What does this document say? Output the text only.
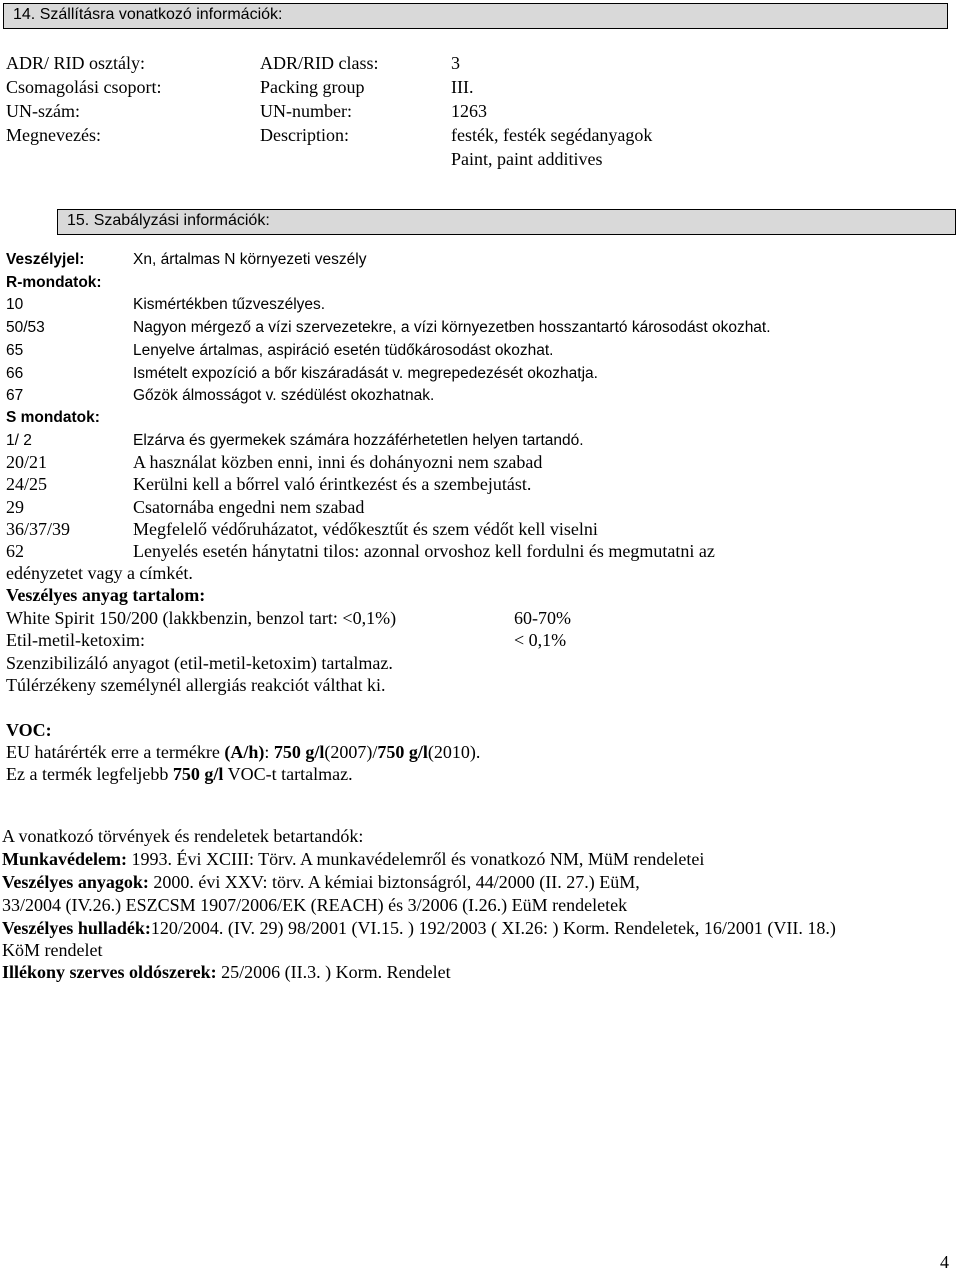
14. Szállításra vonatkozó információk:
ADR/ RID osztály:	ADR/RID class:	3
Csomagolási csoport:	Packing group	III.
UN-szám:	UN-number:	1263
Megnevezés:	Description:	festék, festék segédanyagok
Paint, paint additives
15. Szabályzási információk:
Veszélyjel:	Xn, ártalmas N környezeti veszély
R-mondatok:
10	Kismértékben tűzveszélyes.
50/53	Nagyon mérgező a vízi szervezetekre, a vízi környezetben hosszantartó károsodást okozhat.
65	Lenyelve ártalmas, aspiráció esetén tüdőkárosodást okozhat.
66	Ismételt expozíció a bőr kiszáradását v. megrepedezését okozhatja.
67	Gőzök álmosságot v. szédülést okozhatnak.
S mondatok:
1/ 2	Elzárva és gyermekek számára hozzáférhetetlen helyen tartandó.
20/21	A használat közben enni, inni és dohányozni nem szabad
24/25	Kerülni kell a bőrrel való érintkezést és a szembejutást.
29	Csatornába engedni nem szabad
36/37/39	Megfelelő védőruházatot, védőkesztűt és szem védőt kell viselni
62	Lenyelés esetén hánytatni tilos: azonnal orvoshoz kell fordulni és megmutatni az
edényzetet vagy a címkét.
Veszélyes anyag tartalom:
White Spirit 150/200 (lakkbenzin, benzol tart: <0,1%)	60-70%
Etil-metil-ketoxim:	< 0,1%
Szenzibilizáló anyagot (etil-metil-ketoxim) tartalmaz.
Túlérzékeny személynél allergiás reakciót válthat ki.
VOC:
EU határérték erre a termékre (A/h): 750 g/l(2007)/750 g/l(2010).
Ez a termék legfeljebb 750 g/l VOC-t tartalmaz.
A vonatkozó törvények és rendeletek betartandók:
Munkavédelem: 1993. Évi XCIII: Törv. A munkavédelemről és vonatkozó NM, MüM rendeletei
Veszélyes anyagok: 2000. évi XXV: törv. A kémiai biztonságról, 44/2000 (II. 27.) EüM,
33/2004 (IV.26.) ESZCSM 1907/2006/EK (REACH) és 3/2006 (I.26.) EüM rendeletek
Veszélyes hulladék:120/2004. (IV. 29) 98/2001 (VI.15. ) 192/2003 ( XI.26: ) Korm. Rendeletek, 16/2001 (VII. 18.)
KöM rendelet
Illékony szerves oldószerek: 25/2006 (II.3. ) Korm. Rendelet
4
